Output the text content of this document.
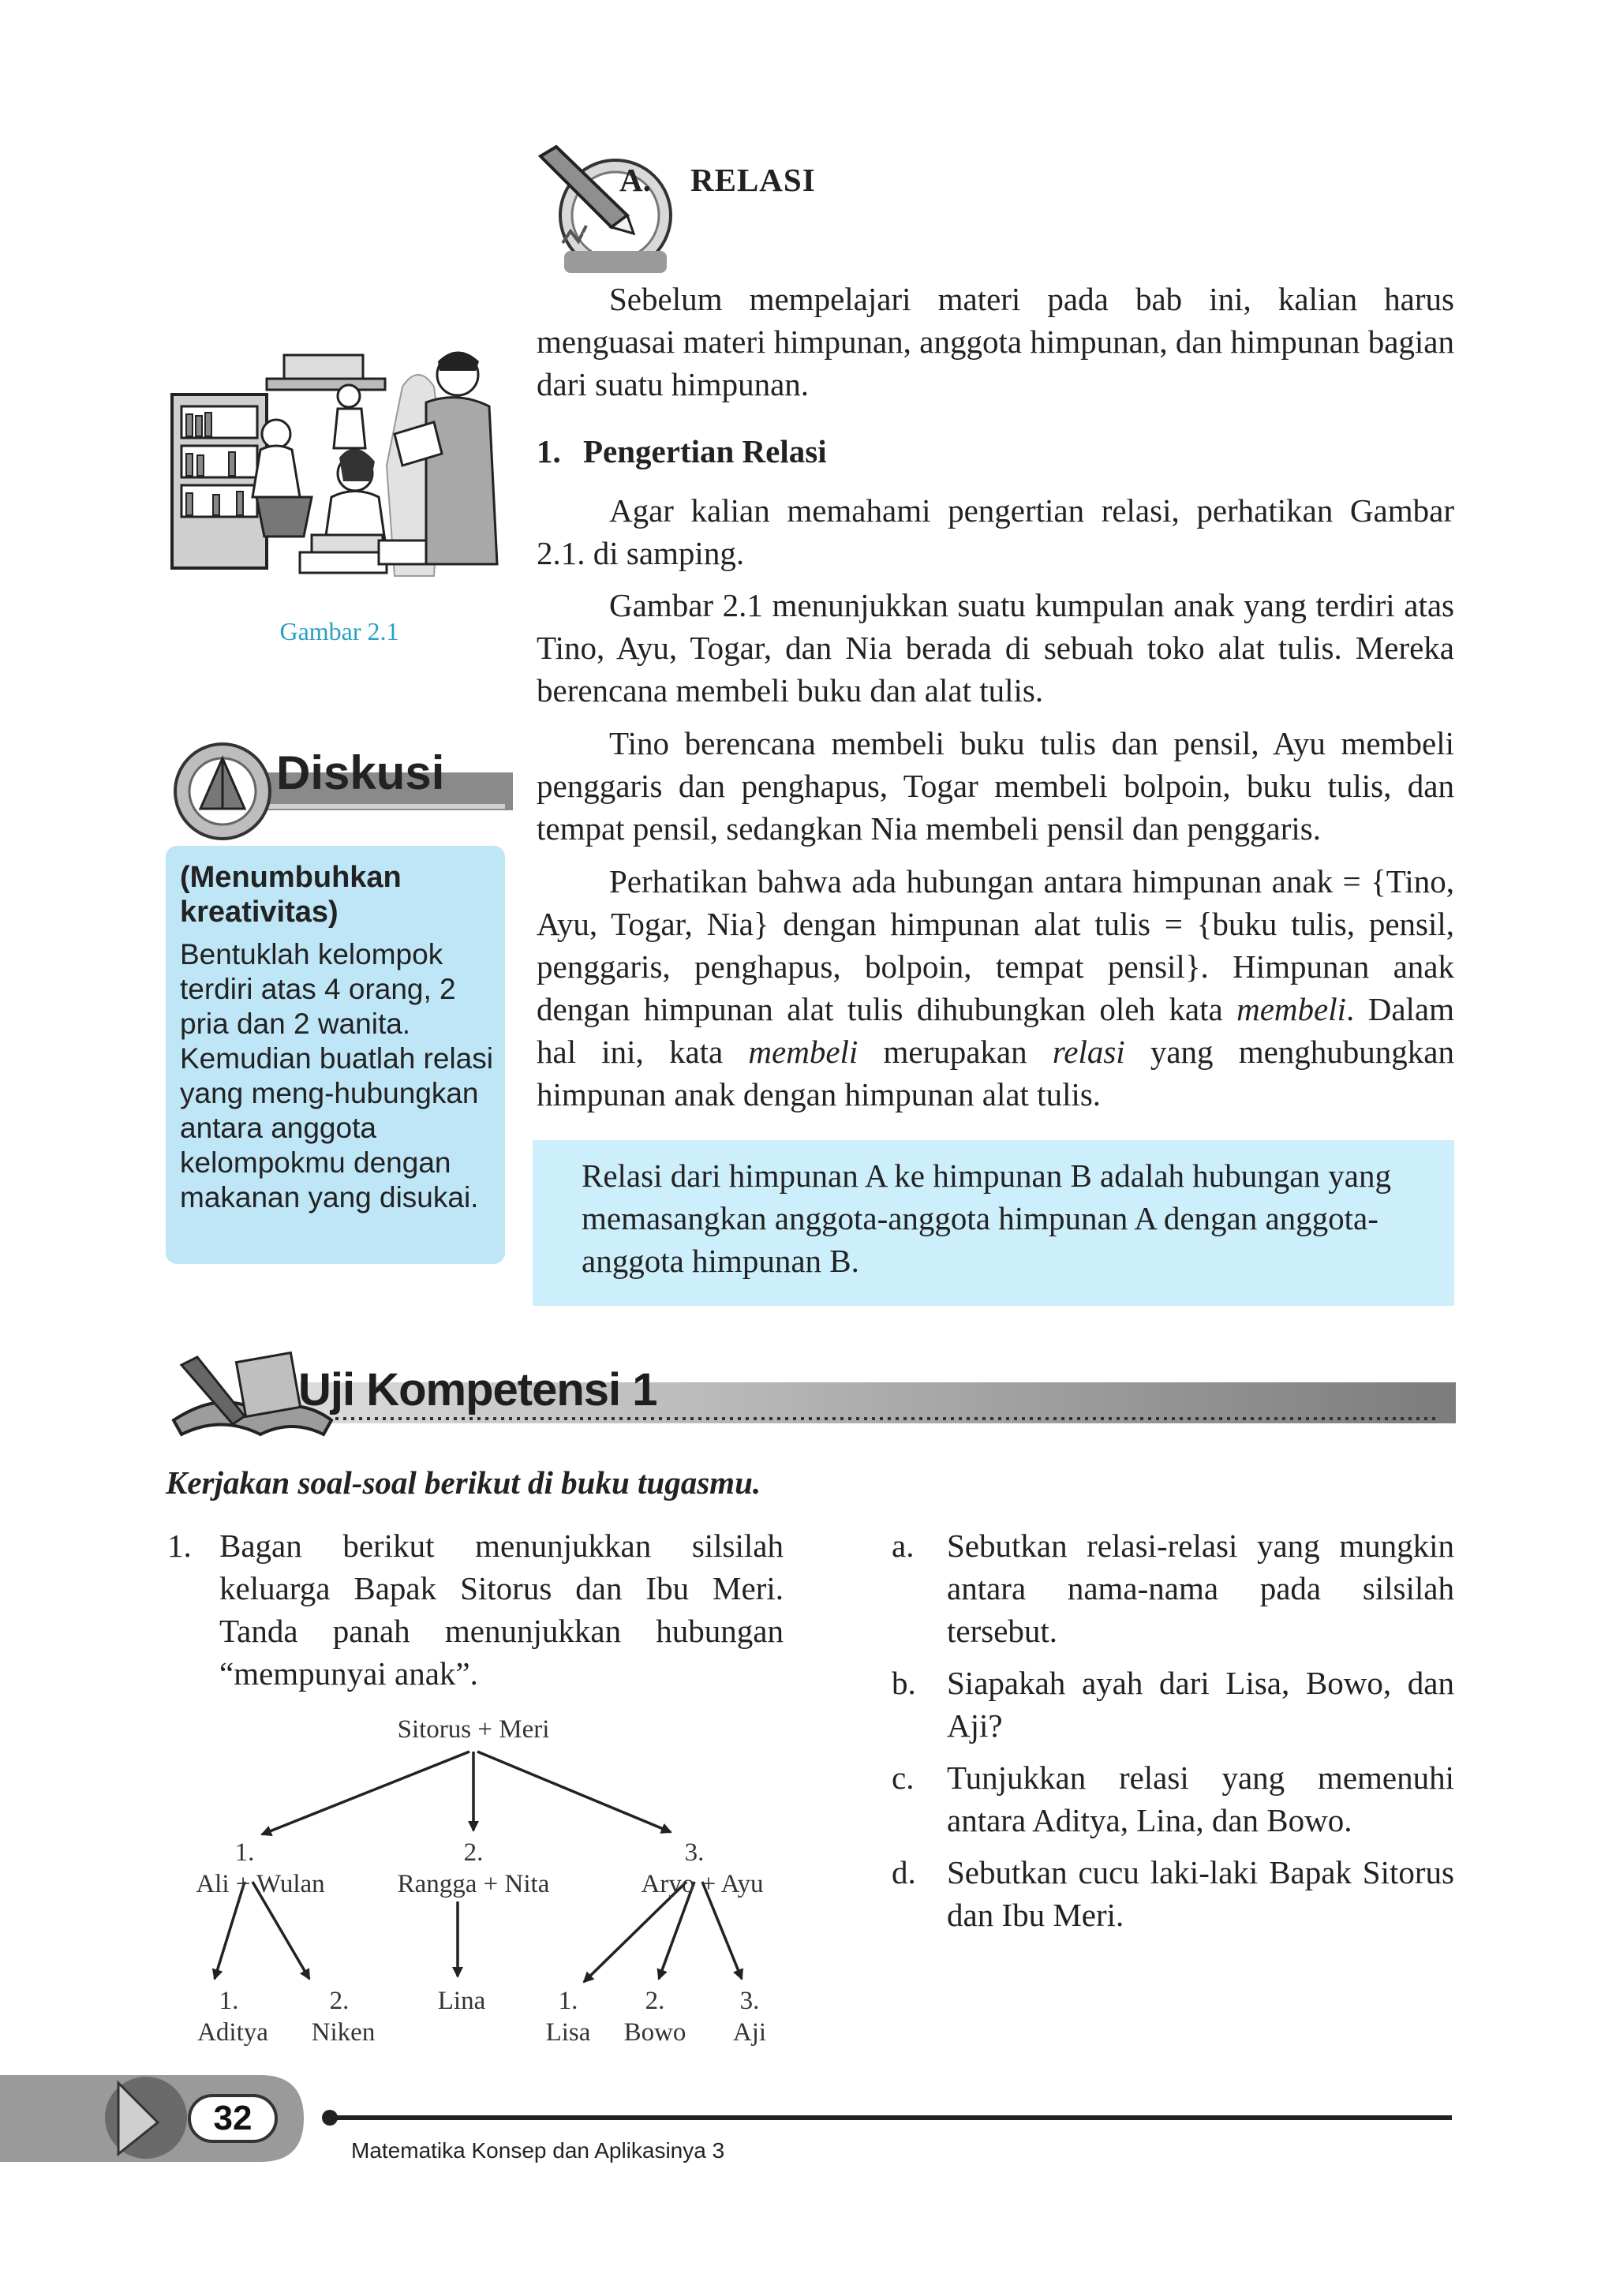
1,2,3,....
A. RELASI

Sebelum mempelajari materi pada bab ini, kalian harus menguasai materi himpunan, anggota himpunan, dan himpunan bagian dari suatu himpunan.

1. Pengertian Relasi

Agar kalian memahami pengertian relasi, perhatikan Gambar 2.1. di samping.

Gambar 2.1 menunjukkan suatu kumpulan anak yang terdiri atas Tino, Ayu, Togar, dan Nia berada di sebuah toko alat tulis. Mereka berencana membeli buku dan alat tulis.

Tino berencana membeli buku tulis dan pensil, Ayu membeli penggaris dan penghapus, Togar membeli bolpoin, buku tulis, dan tempat pensil, sedangkan Nia membeli pensil dan penggaris.

Perhatikan bahwa ada hubungan antara himpunan anak = {Tino, Ayu, Togar, Nia} dengan himpunan alat tulis = {buku tulis, pensil, penggaris, penghapus, bolpoin, tempat pensil}. Himpunan anak dengan himpunan alat tulis dihubungkan oleh kata membeli. Dalam hal ini, kata membeli merupakan relasi yang menghubungkan himpunan anak dengan himpunan alat tulis.

Relasi dari himpunan A ke himpunan B adalah hubungan yang memasangkan anggota-anggota himpunan A dengan anggota-anggota himpunan B.

Gambar 2.1
Diskusi
(Menumbuhkan kreativitas)
Bentuklah kelompok terdiri atas 4 orang, 2 pria dan 2 wanita. Kemudian buatlah relasi yang meng-hubungkan antara anggota kelompokmu dengan makanan yang disukai.
Uji Kompetensi 1
Kerjakan soal-soal berikut di buku tugasmu.
1. Bagan berikut menunjukkan silsilah keluarga Bapak Sitorus dan Ibu Meri. Tanda panah menunjukkan hubungan “mempunyai anak”.

Sitorus + Meri
1.
Ali + Wulan
2.
Rangga + Nita
3.
Aryo + Ayu
1.
Aditya
2.
Niken
Lina	1.
Lisa
2.
Bowo
3.
Aji
a. Sebutkan relasi-relasi yang mungkin antara nama-nama pada silsilah tersebut.

b. Siapakah ayah dari Lisa, Bowo, dan Aji?

c. Tunjukkan relasi yang memenuhi antara Aditya, Lina, dan Bowo.

d. Sebutkan cucu laki-laki Bapak Sitorus dan Ibu Meri.

32
Matematika Konsep dan Aplikasinya 3
